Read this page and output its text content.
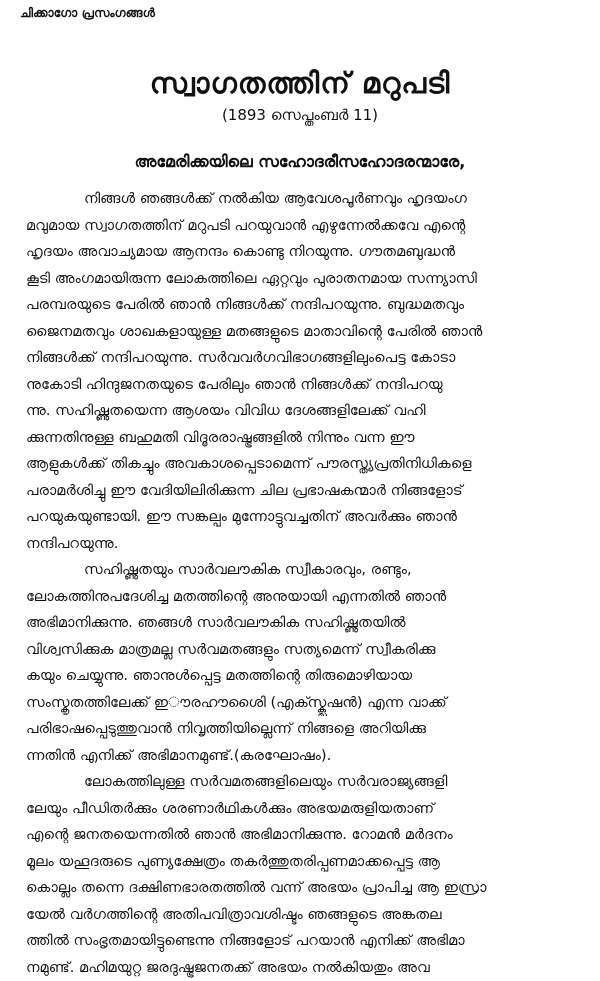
ചിക്കാഗോ പ്രസംഗങ്ങൾ
സ്വാഗതത്തിന് മറുപടി
(1893 സെപ്തംബർ 11)
അമേരിക്കയിലെ സഹോദരീസഹോദരന്മാരേ,
നിങ്ങൾ ഞങ്ങൾക്ക് നൽകിയ ആവേശപൂർണവും ഹൃദയംഗ
മവുമായ സ്വാഗതത്തിന് മറുപടി പറയുവാൻ എഴുന്നേൽക്കവേ എന്റെ
ഹൃദയം അവാച്യമായ ആനന്ദം കൊണ്ടു നിറയുന്നു. ഗൗതമബുദ്ധൻ
കൂടി അംഗമായിരുന്ന ലോകത്തിലെ ഏറ്റവും പുരാതനമായ സന്ന്യാസി
പരമ്പരയുടെ പേരിൽ ഞാൻ നിങ്ങൾക്ക് നന്ദിപറയുന്നു. ബുദ്ധമതവും
ജൈനമതവും ശാഖകളായുള്ള മതങ്ങളുടെ മാതാവിന്റെ പേരിൽ ഞാൻ
നിങ്ങൾക്ക് നന്ദിപറയുന്നു. സർവവർഗവിഭാഗങ്ങളിലുംപെട്ട കോടാ
നുകോടി ഹിന്ദുജനതയുടെ പേരിലും ഞാൻ നിങ്ങൾക്ക് നന്ദിപറയു
ന്നു. സഹിഷ്ണുതയെന്ന ആശയം വിവിധ ദേശങ്ങളിലേക്ക് വഹി
ക്കുന്നതിനുള്ള ബഹുമതി വിദൂരരാഷ്ട്രങ്ങളിൽ നിന്നും വന്ന ഈ
ആളുകൾക്ക് തികച്ചും അവകാശപ്പെടാമെന്ന് പൗരസ്ത്യപ്രതിനിധികളെ
പരാമർശിച്ചു ഈ വേദിയിലിരിക്കുന്ന ചില പ്രഭാഷകന്മാർ നിങ്ങളോട്
പറയുകയുണ്ടായി. ഈ സങ്കല്പം മുന്നോട്ടുവച്ചതിന് അവർക്കും ഞാൻ
നന്ദിപറയുന്നു.
സഹിഷ്ണുതയും സാർവലൗകിക സ്വീകാരവും, രണ്ടും,
ലോകത്തിനുപദേശിച്ച മതത്തിന്റെ അനുയായി എന്നതിൽ ഞാൻ
അഭിമാനിക്കുന്നു. ഞങ്ങൾ സാർവലൗകിക സഹിഷ്ണുതയിൽ
വിശ്വസിക്കുക മാത്രമല്ല സർവമതങ്ങളും സത്യമെന്ന് സ്വീകരിക്കു
കയും ചെയ്യുന്നു. ഞാനുൾപ്പെട്ട മതത്തിന്റെ തിരുമൊഴിയായ
സംസ്കൃതത്തിലേക്ക് ഇൗരഹൗശൈി (എക്സ്ക്ലൂഷൻ) എന്ന വാക്ക്
പരിഭാഷപ്പെടുത്തുവാൻ നിവൃത്തിയില്ലെന്ന് നിങ്ങളെ അറിയിക്കു
ന്നതിൻ എനിക്ക് അഭിമാനമുണ്ട്.(കരഘോഷം).
ലോകത്തിലുള്ള സർവമതങ്ങളിലെയും സർവരാജ്യങ്ങളി
ലേയും പീഡിതർക്കും ശരണാർഥികൾക്കും അഭയമരുളിയതാണ്
എന്റെ ജനതയെന്നതിൽ ഞാൻ അഭിമാനിക്കുന്നു. റോമൻ മർദനം
മൂലം യഹൂദരുടെ പുണ്യക്ഷേത്രം തകർത്തുതരിപ്പണമാക്കപ്പെട്ട ആ
കൊല്ലം തന്നെ ദക്ഷിണഭാരതത്തിൽ വന്ന് അഭയം പ്രാപിച്ച ആ ഇസ്രാ
യേൽ വർഗത്തിന്റെ അതിപവിത്രാവശിഷ്ടം ഞങ്ങളുടെ അങ്കതല
ത്തിൽ സംഭൃതമായിട്ടുണ്ടെന്നു നിങ്ങളോട് പറയാൻ എനിക്ക് അഭിമാ
നമുണ്ട്. മഹിമയുറ്റ ജരദുഷ്ട്രജനതക്ക് അഭയം നൽകിയതും അവ
